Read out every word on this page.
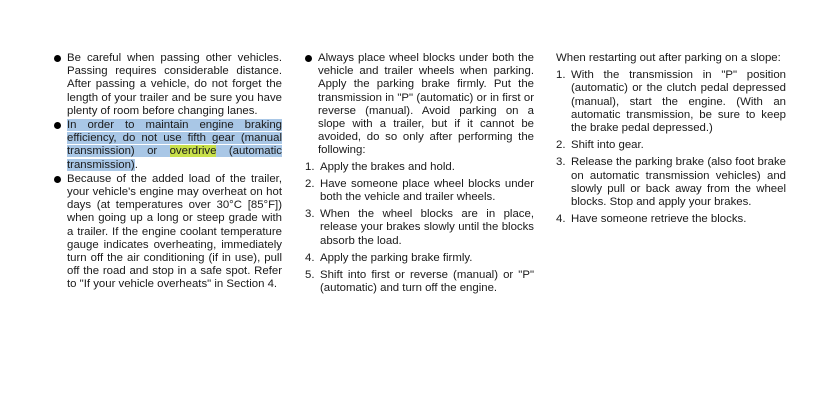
Be careful when passing other vehicles. Passing requires considerable distance. After passing a vehicle, do not forget the length of your trailer and be sure you have plenty of room before changing lanes.
In order to maintain engine braking efficiency, do not use fifth gear (manual transmission) or overdrive (automatic transmission).
Because of the added load of the trailer, your vehicle's engine may overheat on hot days (at temperatures over 30°C [85°F]) when going up a long or steep grade with a trailer. If the engine coolant temperature gauge indicates overheating, immediately turn off the air conditioning (if in use), pull off the road and stop in a safe spot. Refer to "If your vehicle overheats" in Section 4.
Always place wheel blocks under both the vehicle and trailer wheels when parking. Apply the parking brake firmly. Put the transmission in "P" (automatic) or in first or reverse (manual). Avoid parking on a slope with a trailer, but if it cannot be avoided, do so only after performing the following:
1. Apply the brakes and hold.
2. Have someone place wheel blocks under both the vehicle and trailer wheels.
3. When the wheel blocks are in place, release your brakes slowly until the blocks absorb the load.
4. Apply the parking brake firmly.
5. Shift into first or reverse (manual) or "P" (automatic) and turn off the engine.
When restarting out after parking on a slope:
1. With the transmission in "P" position (automatic) or the clutch pedal depressed (manual), start the engine. (With an automatic transmission, be sure to keep the brake pedal depressed.)
2. Shift into gear.
3. Release the parking brake (also foot brake on automatic transmission vehicles) and slowly pull or back away from the wheel blocks. Stop and apply your brakes.
4. Have someone retrieve the blocks.
